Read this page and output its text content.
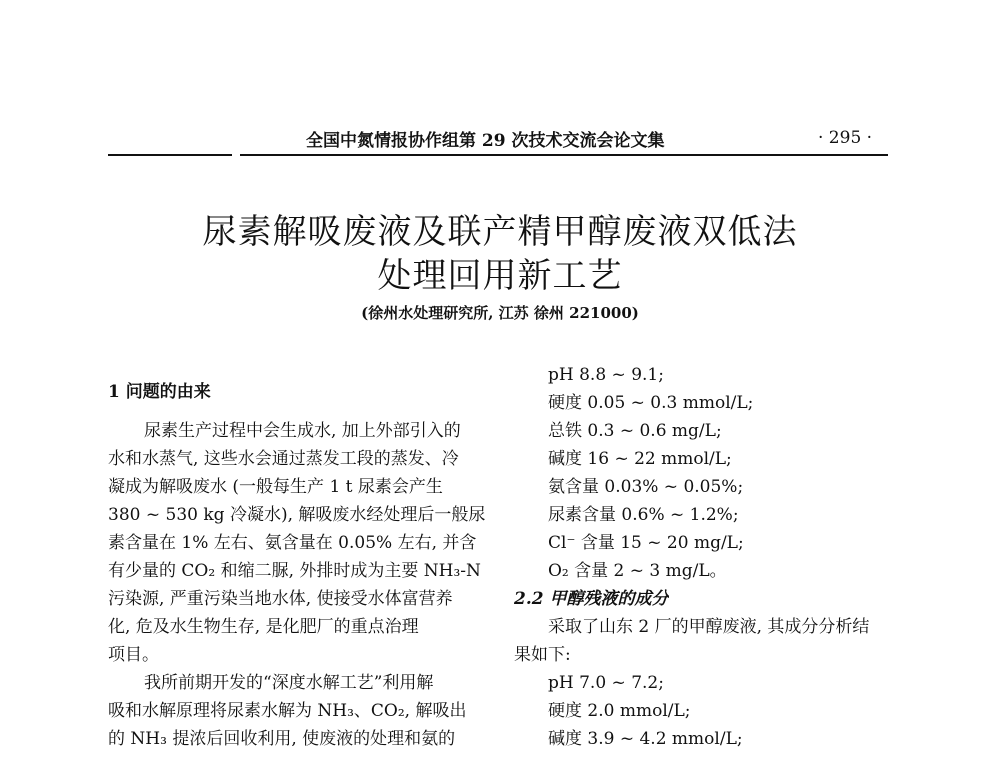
全国中氮情报协作组第 29 次技术交流会论文集	· 295 ·
尿素解吸废液及联产精甲醇废液双低法
处理回用新工艺
(徐州水处理研究所, 江苏 徐州 221000)
1 问题的由来
尿素生产过程中会生成水, 加上外部引入的
水和水蒸气, 这些水会通过蒸发工段的蒸发、冷
凝成为解吸废水 (一般每生产 1 t 尿素会产生
380 ~ 530 kg 冷凝水), 解吸废水经处理后一般尿
素含量在 1% 左右、氨含量在 0.05% 左右, 并含
有少量的 CO₂ 和缩二脲, 外排时成为主要 NH₃-N
污染源, 严重污染当地水体, 使接受水体富营养
化, 危及水生物生存, 是化肥厂的重点治理
项目。
我所前期开发的“深度水解工艺”利用解
吸和水解原理将尿素水解为 NH₃、CO₂, 解吸出
的 NH₃ 提浓后回收利用, 使废液的处理和氨的
pH 8.8 ~ 9.1;
硬度 0.05 ~ 0.3 mmol/L;
总铁 0.3 ~ 0.6 mg/L;
碱度 16 ~ 22 mmol/L;
氨含量 0.03% ~ 0.05%;
尿素含量 0.6% ~ 1.2%;
Cl⁻ 含量 15 ~ 20 mg/L;
O₂ 含量 2 ~ 3 mg/L。
2.2 甲醇残液的成分
采取了山东 2 厂的甲醇废液, 其成分分析结
果如下:
pH 7.0 ~ 7.2;
硬度 2.0 mmol/L;
碱度 3.9 ~ 4.2 mmol/L;
